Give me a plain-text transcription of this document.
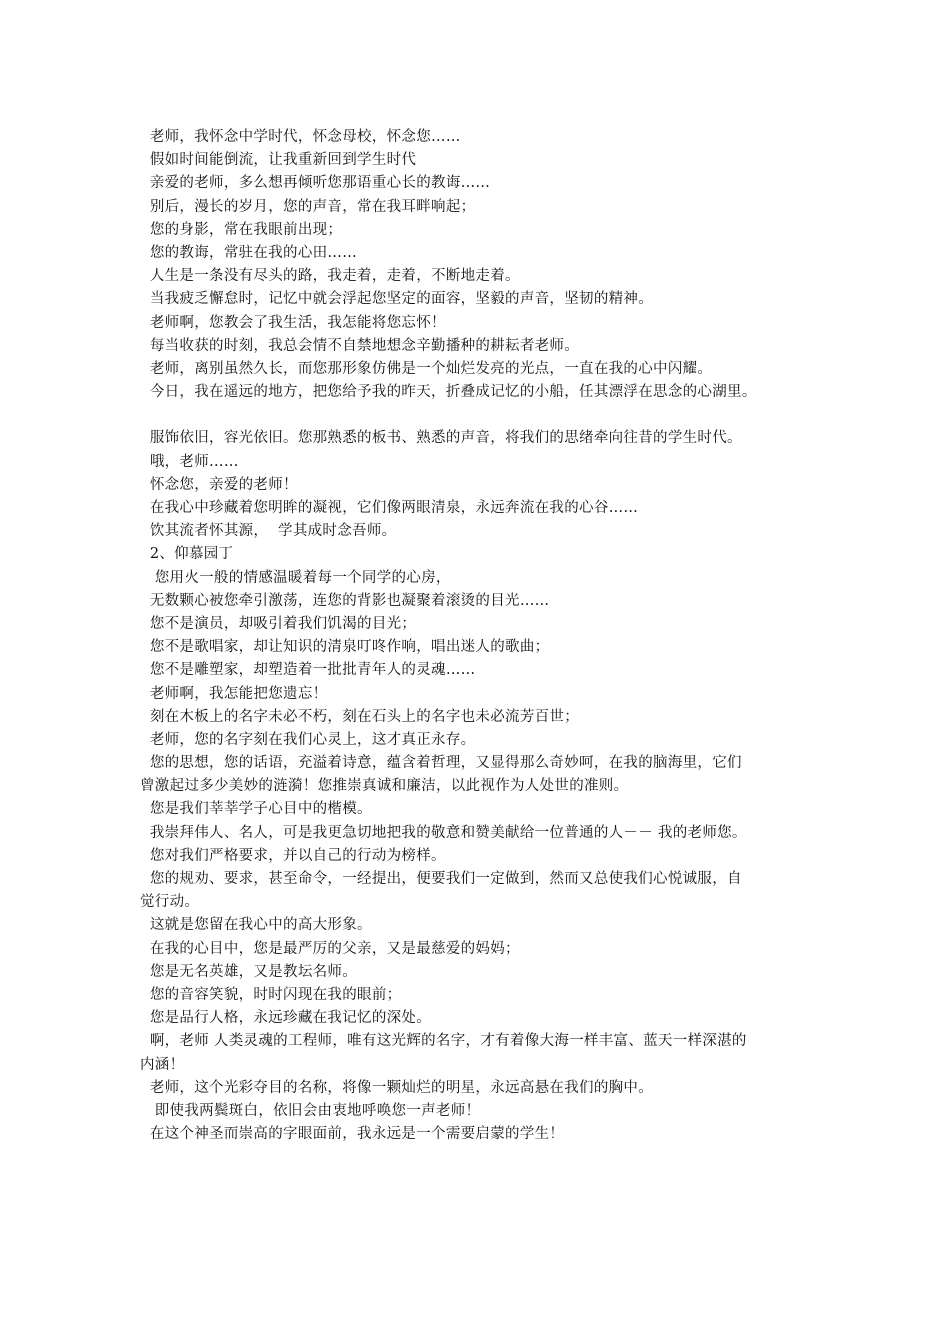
老师，我怀念中学时代，怀念母校，怀念您……
假如时间能倒流，让我重新回到学生时代
亲爱的老师，多么想再倾听您那语重心长的教诲……
别后，漫长的岁月，您的声音，常在我耳畔响起；
您的身影，常在我眼前出现；
您的教诲，常驻在我的心田……
人生是一条没有尽头的路，我走着，走着，不断地走着。
当我疲乏懈怠时，记忆中就会浮起您坚定的面容，坚毅的声音，坚韧的精神。
老师啊，您教会了我生活，我怎能将您忘怀！
每当收获的时刻，我总会情不自禁地想念辛勤播种的耕耘者老师。
老师，离别虽然久长，而您那形象仿佛是一个灿烂发亮的光点，一直在我的心中闪耀。
今日，我在遥远的地方，把您给予我的昨天，折叠成记忆的小船，任其漂浮在思念的心湖里。
服饰依旧，容光依旧。您那熟悉的板书、熟悉的声音，将我们的思绪牵向往昔的学生时代。
哦，老师……
怀念您，亲爱的老师！
在我心中珍藏着您明眸的凝视，它们像两眼清泉，永远奔流在我的心谷……
饮其流者怀其源，  学其成时念吾师。
2、仰慕园丁
您用火一般的情感温暖着每一个同学的心房，
无数颗心被您牵引激荡，连您的背影也凝聚着滚烫的目光……
您不是演员，却吸引着我们饥渴的目光；
您不是歌唱家，却让知识的清泉叮咚作响，唱出迷人的歌曲；
您不是雕塑家，却塑造着一批批青年人的灵魂……
老师啊，我怎能把您遗忘！
刻在木板上的名字未必不朽，刻在石头上的名字也未必流芳百世；
老师，您的名字刻在我们心灵上，这才真正永存。
您的思想，您的话语，充溢着诗意，蕴含着哲理，又显得那么奇妙呵，在我的脑海里，它们
曾激起过多少美妙的涟漪！您推崇真诚和廉洁，以此视作为人处世的准则。
您是我们莘莘学子心目中的楷模。
我崇拜伟人、名人，可是我更急切地把我的敬意和赞美献给一位普通的人－－ 我的老师您。
您对我们严格要求，并以自己的行动为榜样。
您的规劝、要求，甚至命令，一经提出，便要我们一定做到，然而又总使我们心悦诚服，自
觉行动。
这就是您留在我心中的高大形象。
在我的心目中，您是最严厉的父亲，又是最慈爱的妈妈；
您是无名英雄，又是教坛名师。
您的音容笑貌，时时闪现在我的眼前；
您是品行人格，永远珍藏在我记忆的深处。
啊，老师 人类灵魂的工程师，唯有这光辉的名字，才有着像大海一样丰富、蓝天一样深湛的
内涵！
老师，这个光彩夺目的名称，将像一颗灿烂的明星，永远高悬在我们的胸中。
即使我两鬓斑白，依旧会由衷地呼唤您一声老师！
在这个神圣而崇高的字眼面前，我永远是一个需要启蒙的学生！
